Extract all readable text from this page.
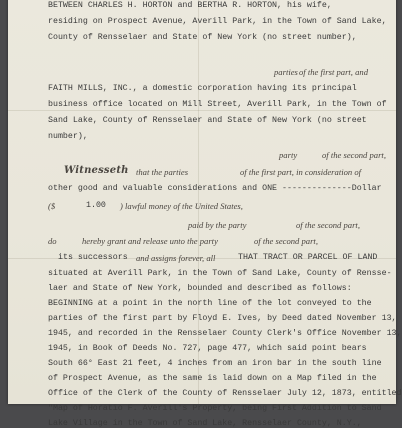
BETWEEN CHARLES H. HORTON and BERTHA R. HORTON, his wife,
residing on Prospect Avenue, Averill Park, in the Town of Sand Lake,
County of Rensselaer and State of New York (no street number),
parties of the first part, and
FAITH MILLS, INC., a domestic corporation having its principal
business office located on Mill Street, Averill Park, in the Town of
Sand Lake, County of Rensselaer and State of New York (no street
number),
party	of the second part,
Witnesseth that the parties	of the first part, in consideration of
other good and valuable considerations and ONE --------------Dollar
($	1.00 ) lawful money of the United States,
paid by the party	of the second part,
do	hereby grant and release unto the party	of the second part,
its successors and assigns forever, all	THAT TRACT OR PARCEL OF LAND
situated at Averill Park, in the Town of Sand Lake, County of Rensse-
laer and State of New York, bounded and described as follows:
BEGINNING at a point in the north line of the lot conveyed to the
parties of the first part by Floyd E. Ives, by Deed dated November 13,
1945, and recorded in the Rensselaer County Clerk's Office November 13,
1945, in Book of Deeds No. 727, page 477, which said point bears
South 66° East 21 feet, 4 inches from an iron bar in the south line
of Prospect Avenue, as the same is laid down on a Map filed in the
Office of the Clerk of the County of Rensselaer July 12, 1873, entitled
"Map of Horatio F. Averill's Property, being First Addition to Sand
Lake Village in the Town of Sand Lake, Rensselaer County, N.Y.,
